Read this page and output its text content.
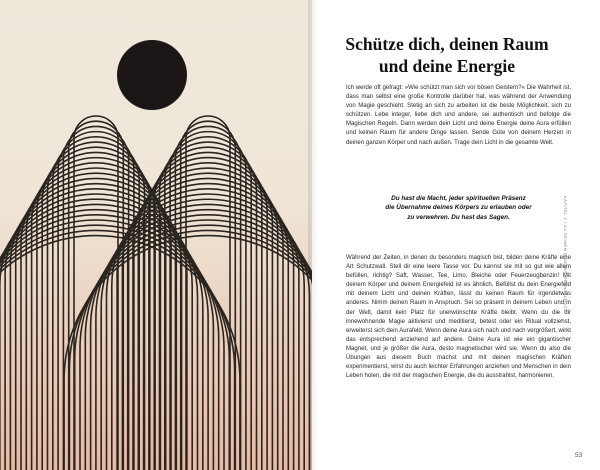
Schütze dich, deinen Raum
und deine Energie

Ich werde oft gefragt: »Wie schützt man sich vor bösen Geistern?« Die Wahrheit ist, dass man selbst eine große Kontrolle darüber hat, was während der Anwendung von Magie geschieht. Stetig an sich zu arbeiten ist die beste Möglichkeit, sich zu schützen. Lebe integer, liebe dich und andere, sei authentisch und befolge die Magischen Regeln. Dann werden dein Licht und deine Energie deine Aura erfüllen und keinen Raum für andere Dinge lassen. Sende Güte von deinem Herzen in deinen ganzen Körper und nach außen. Trage dein Licht in die gesamte Welt.

Du hast die Macht, jeder spirituellen Präsenz
die Übernahme deines Körpers zu erlauben oder
zu verwehren. Du hast das Sagen.

Während der Zeiten, in denen du besonders magisch bist, bilden deine Kräfte eine Art Schutzwall. Stell dir eine leere Tasse vor. Du kannst sie mit so gut wie allem befüllen, richtig? Saft, Wasser, Tee, Limo, Bleiche oder Feuerzeugbenzin! Mit deinem Körper und deinem Energiefeld ist es ähnlich. Befüllst du dein Energiefeld mit deinem Licht und deinen Kräften, lässt du keinen Raum für irgendetwas anderes. Nimm deinen Raum in Anspruch. Sei so präsent in deinem Leben und in der Welt, damit kein Platz für unerwünschte Kräfte bleibt. Wenn du die dir innewohnende Magie aktivierst und meditierst, betest oder ein Ritual vollziehst, erweiterst sich dein Aurafeld. Wenn deine Aura sich nach und nach vergrößert, wirkt das entsprechend anziehend auf andere. Deine Aura ist wie ein gigantischer Magnet, und je größer die Aura, desto magnetischer wird sie. Wenn du also die Übungen aus diesem Buch machst und mit deinen magischen Kräften experimentierst, wirst du auch leichter Erfahrungen anziehen und Menschen in dein Leben holen, die mit der magischen Energie, die du ausstrahlst, harmonieren.

KAPITEL 2 / ZU DEINEM EIGENEN GRENZSCHUTZ

53
